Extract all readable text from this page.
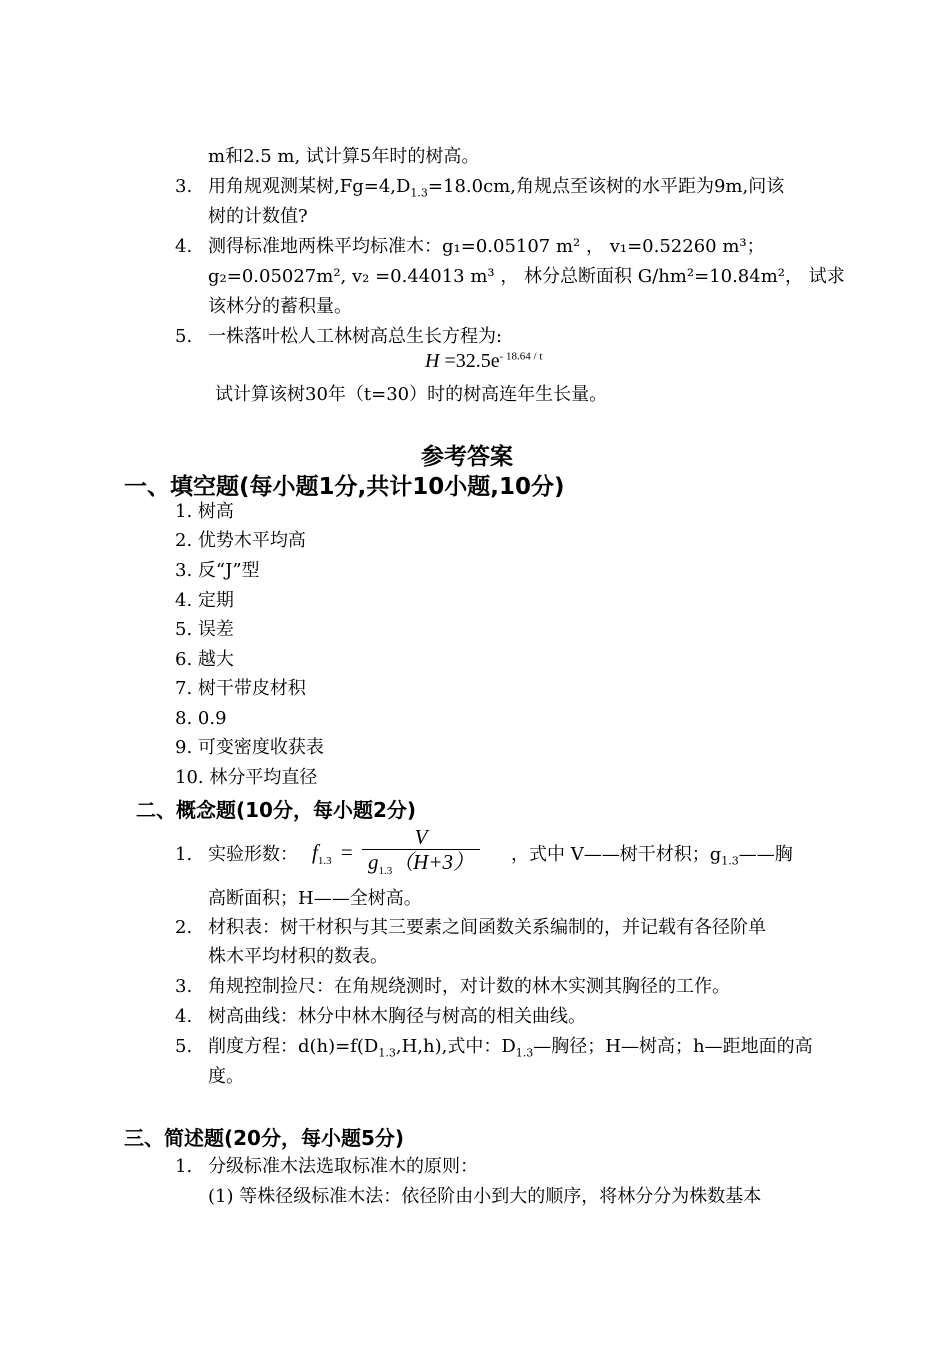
m和2.5 m, 试计算5年时的树高。
3. 用角规观测某树$,Fg=4,D_{1.3}=18.0cm$,角规点至该树的水平距为9m,问该
树的计数值?
4. 测得标准地两株平均标准木：g₁=0.05107 m² ， v₁=0.52260 m³；
g₂=0.05027m², v₂ =0.44013 m³ ， 林分总断面积 G/hm²=10.84m²， 试求
该林分的蓄积量。
5. 一株落叶松人工林树高总生长方程为:
$H =32.5e^{- 18.64 / t}$
试计算该树30年（t=30）时的树高连年生长量。
参考答案
一、填空题(每小题1分,共计10小题,10分)
1. 树高
2. 优势木平均高
3. 反“J”型
4. 定期
5. 误差
6. 越大
7. 树干带皮材积
8. 0.9
9. 可变密度收获表
10. 林分平均直径
二、概念题(10分，每小题2分)
1. 实验形数： $f_{1.3} = \frac{V}{g_{1.3}(H+3)}$ ，式中 V——树干材积；$g_{1.3}——$胸
高断面积；H——全树高。
2. 材积表：树干材积与其三要素之间函数关系编制的，并记载有各径阶单
株木平均材积的数表。
3. 角规控制捡尺：在角规绕测时，对计数的林木实测其胸径的工作。
4. 树高曲线：林分中林木胸径与树高的相关曲线。
5. 削度方程：$d(h)=f(D_{1.3},H,h)$,式中：$D_{1.3}—$胸径；H—树高；h—距地面的高
度。
三、简述题(20分，每小题5分)
1. 分级标准木法选取标准木的原则：
(1) 等株径级标准木法：依径阶由小到大的顺序，将林分分为株数基本
